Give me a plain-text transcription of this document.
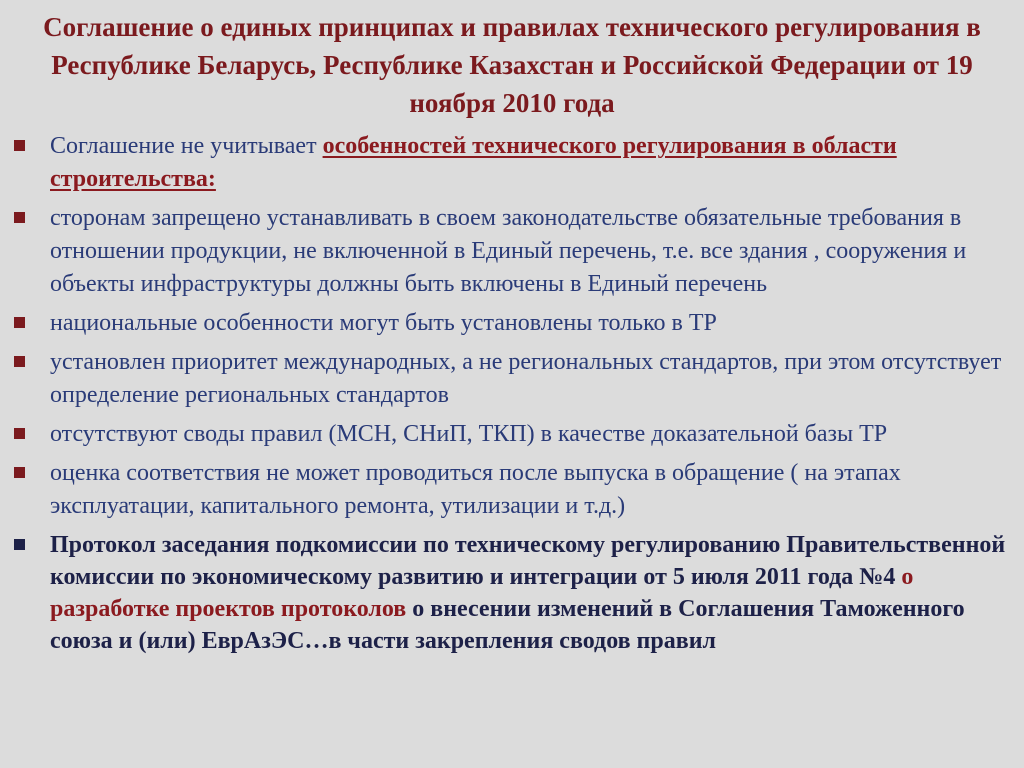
Соглашение о единых принципах и правилах технического регулирования в Республике Беларусь, Республике Казахстан и Российской Федерации от 19 ноября 2010 года
Соглашение не учитывает особенностей технического регулирования в области строительства:
сторонам запрещено устанавливать в своем законодательстве обязательные требования в отношении продукции, не включенной в Единый перечень, т.е. все здания , сооружения и объекты инфраструктуры должны быть включены в Единый перечень
национальные особенности могут быть установлены только в ТР
установлен приоритет международных, а не региональных стандартов, при этом отсутствует определение региональных стандартов
отсутствуют своды правил (МСН, СНиП, ТКП) в качестве доказательной базы ТР
оценка соответствия не может проводиться после выпуска в обращение ( на этапах эксплуатации, капитального ремонта, утилизации и т.д.)
Протокол заседания подкомиссии по техническому регулированию Правительственной комиссии по экономическому развитию и интеграции от 5 июля 2011 года №4 о разработке проектов протоколов о внесении изменений в Соглашения Таможенного союза и (или) ЕврАзЭС…в части закрепления сводов правил
